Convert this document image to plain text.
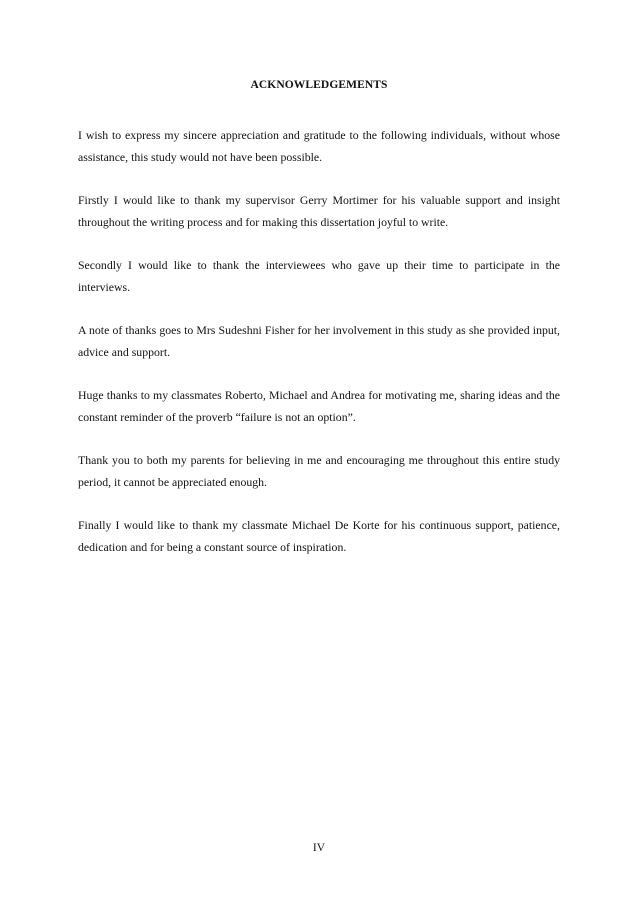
ACKNOWLEDGEMENTS

I wish to express my sincere appreciation and gratitude to the following individuals, without whose assistance, this study would not have been possible.

Firstly I would like to thank my supervisor Gerry Mortimer for his valuable support and insight throughout the writing process and for making this dissertation joyful to write.

Secondly I would like to thank the interviewees who gave up their time to participate in the interviews.

A note of thanks goes to Mrs Sudeshni Fisher for her involvement in this study as she provided input, advice and support.

Huge thanks to my classmates Roberto, Michael and Andrea for motivating me, sharing ideas and the constant reminder of the proverb “failure is not an option”.

Thank you to both my parents for believing in me and encouraging me throughout this entire study period, it cannot be appreciated enough.

Finally I would like to thank my classmate Michael De Korte for his continuous support, patience, dedication and for being a constant source of inspiration.

IV
